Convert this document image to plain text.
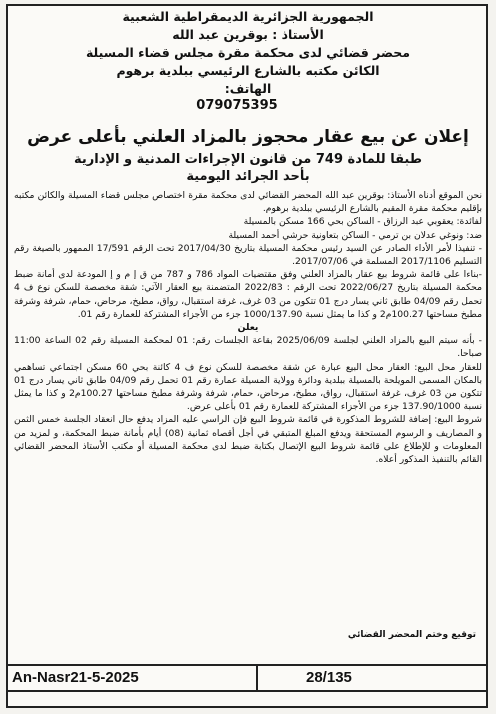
الجمهورية الجزائرية الديمقراطية الشعبية
الأستاذ : بوقرين عبد الله
محضر قضائي لدى محكمة مقرة مجلس قضاء المسيلة
الكائن مكتبه بالشارع الرئيسي ببلدية برهوم
الهاتف:
079075395
إعلان عن بيع عقار محجوز بالمزاد العلني بأعلى عرض
طبقا للمادة 749 من قانون الإجراءات المدنية و الإدارية
بأحد الجرائد اليومية

نحن الموقع أدناه الأستاذ: بوقرين عبد الله المحضر القضائي لدى محكمة مقرة اختصاص مجلس قضاء المسيلة والكائن مكتبه بإقليم محكمة مقرة المقيم بالشارع الرئيسي ببلدية برهوم.

لفائدة: يعقوبي عبد الرزاق - الساكن بحي 166 مسكن بالمسيلة

ضد: ونوغي عدلان بن ترمي - الساكن بتعاونية حرشي أحمد المسيلة

- تنفيذا لأمر الأداء الصادر عن السيد رئيس محكمة المسيلة بتاريخ 2017/04/30 تحت الرقم 17/591 الممهور بالصيغة رقم التسليم 2017/1106 المسلمة في 2017/07/06.

-بناءا على قائمة شروط بيع عقار بالمزاد العلني وفق مقتضيات المواد 786 و 787 من ق إ م و إ المودعة لدى أمانة ضبط محكمة المسيلة بتاريخ 2022/06/27 تحت الرقم : 2022/83 المتضمنة بيع العقار الآتي: شقة مخصصة للسكن نوع ف 4 تحمل رقم 04/09 طابق ثاني يسار درج 01 تتكون من 03 غرف، غرفة استقبال، رواق، مطبخ، مرحاض، حمام، شرفة وشرفة مطبخ مساحتها 100.27م2 و كذا ما يمثل نسبة 1000/137.90 جزء من الأجزاء المشتركة للعمارة رقم 01.

يعلن

- بأنه سيتم البيع بالمزاد العلني لجلسة 2025/06/09 بقاعة الجلسات رقم: 01 لمحكمة المسيلة رقم 02 الساعة 11:00 صباحا.

للعقار محل البيع: العقار محل البيع عبارة عن شقة مخصصة للسكن نوع ف 4 كائنة بحي 60 مسكن اجتماعي تساهمي بالمكان المسمى المويلحة بالمسيلة ببلدية ودائرة وولاية المسيلة عمارة رقم 01 تحمل رقم 04/09 طابق ثاني يسار درج 01 تتكون من 03 غرف، غرفة استقبال، رواق، مطبخ، مرحاض، حمام، شرفة وشرفة مطبخ مساحتها 100.27م2 و كذا ما يمثل نسبة 137.90/1000 جزء من الأجزاء المشتركة للعمارة رقم 01 بأعلى عرض.

شروط البيع: إضافة للشروط المذكورة في قائمة شروط البيع فإن الراسي عليه المزاد يدفع حال انعقاد الجلسة خمس الثمن و المصاريف و الرسوم المستحقة ويدفع المبلغ المتبقي في أجل أقصاه ثمانية (08) أيام بأمانة ضبط المحكمة، و لمزيد من المعلومات و للإطلاع على قائمة شروط البيع الإتصال بكتابة ضبط لدى محكمة المسيلة أو مكتب الأستاذ المحضر القضائي القائم بالتنفيذ المذكور أعلاه.

توقيع وختم المحضر القضائي
An-Nasr21-5-2025	28/135
